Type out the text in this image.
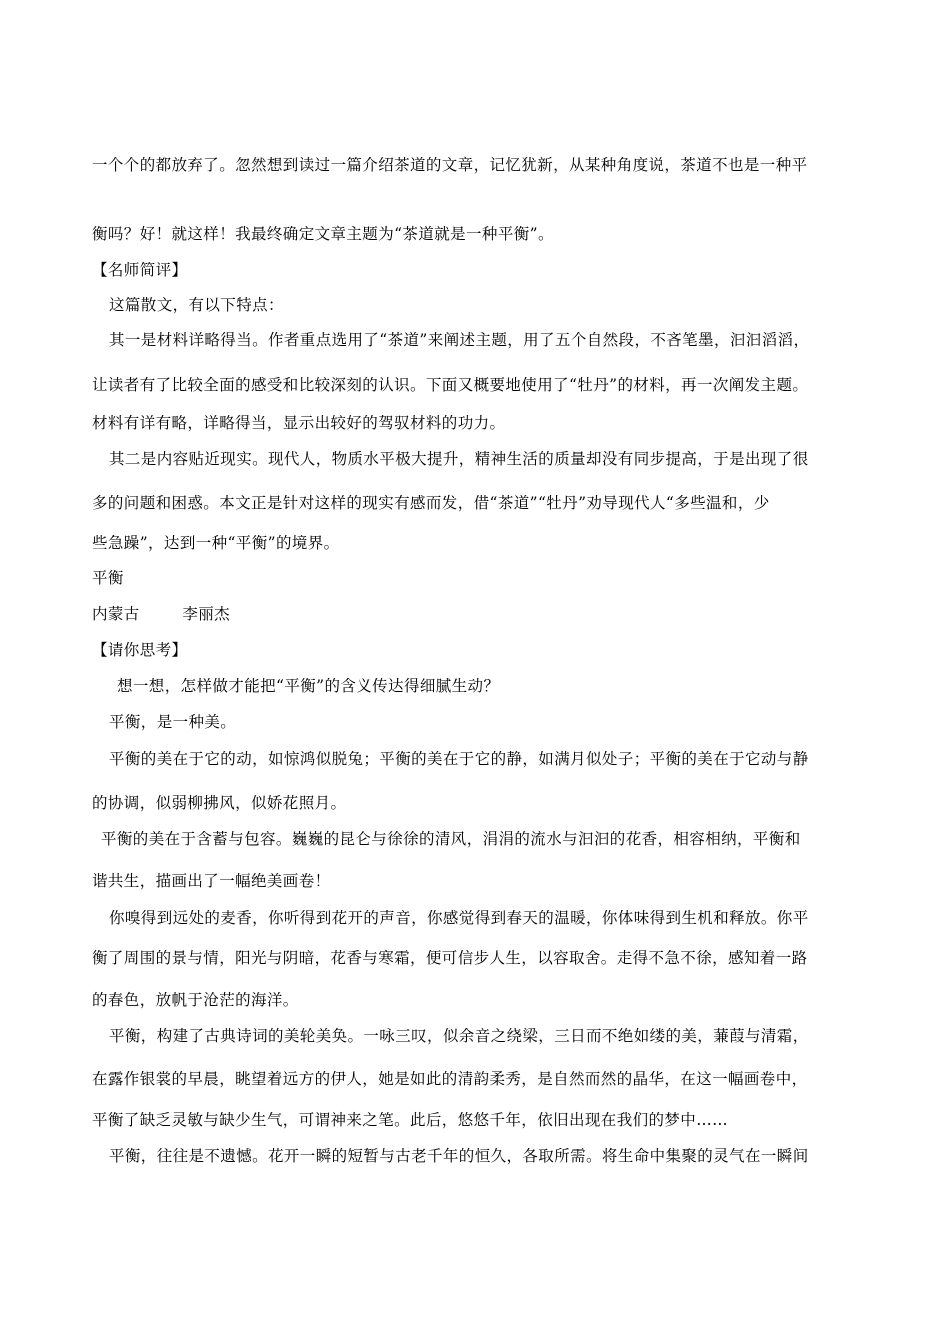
一个个的都放弃了。忽然想到读过一篇介绍茶道的文章，记忆犹新，从某种角度说，茶道不也是一种平
衡吗？好！就这样！我最终确定文章主题为“茶道就是一种平衡”。
【名师简评】
这篇散文，有以下特点：
其一是材料详略得当。作者重点选用了“茶道”来阐述主题，用了五个自然段，不吝笔墨，汩汩滔滔，
让读者有了比较全面的感受和比较深刻的认识。下面又概要地使用了“牡丹”的材料，再一次阐发主题。
材料有详有略，详略得当，显示出较好的驾驭材料的功力。
其二是内容贴近现实。现代人，物质水平极大提升，精神生活的质量却没有同步提高，于是出现了很
多的问题和困惑。本文正是针对这样的现实有感而发，借“茶道”“牡丹”劝导现代人“多些温和，少
些急躁”，达到一种“平衡”的境界。
平衡
内蒙古        李丽杰
【请你思考】
想一想，怎样做才能把“平衡”的含义传达得细腻生动？
平衡，是一种美。
平衡的美在于它的动，如惊鸿似脱兔；平衡的美在于它的静，如满月似处子；平衡的美在于它动与静
的协调，似弱柳拂风，似娇花照月。
平衡的美在于含蓄与包容。巍巍的昆仑与徐徐的清风，涓涓的流水与汩汩的花香，相容相纳，平衡和
谐共生，描画出了一幅绝美画卷！
你嗅得到远处的麦香，你听得到花开的声音，你感觉得到春天的温暖，你体味得到生机和释放。你平
衡了周围的景与情，阳光与阴暗，花香与寒霜，便可信步人生，以容取舍。走得不急不徐，感知着一路
的春色，放帆于沧茫的海洋。
平衡，构建了古典诗词的美轮美奂。一咏三叹，似余音之绕梁，三日而不绝如缕的美，蒹葭与清霜，
在露作银裳的早晨，眺望着远方的伊人，她是如此的清韵柔秀，是自然而然的晶华，在这一幅画卷中，
平衡了缺乏灵敏与缺少生气，可谓神来之笔。此后，悠悠千年，依旧出现在我们的梦中……
平衡，往往是不遗憾。花开一瞬的短暂与古老千年的恒久，各取所需。将生命中集聚的灵气在一瞬间
